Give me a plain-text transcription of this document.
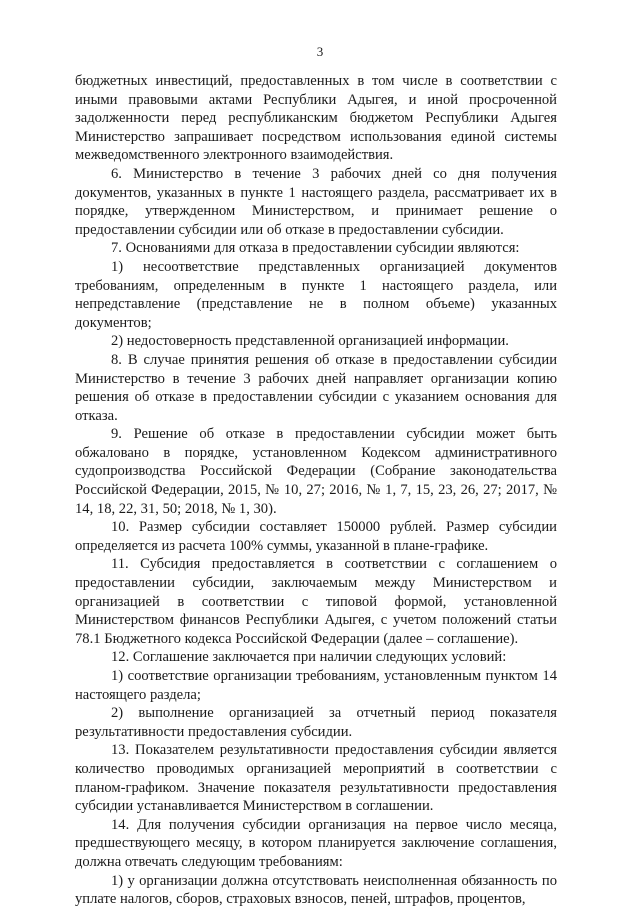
3

бюджетных инвестиций, предоставленных в том числе в соответствии с иными правовыми актами Республики Адыгея, и иной просроченной задолженности перед республиканским бюджетом Республики Адыгея Министерство запрашивает посредством использования единой системы межведомственного электронного взаимодействия.

6. Министерство в течение 3 рабочих дней со дня получения документов, указанных в пункте 1 настоящего раздела, рассматривает их в порядке, утвержденном Министерством, и принимает решение о предоставлении субсидии или об отказе в предоставлении субсидии.

7. Основаниями для отказа в предоставлении субсидии являются:

1) несоответствие представленных организацией документов требованиям, определенным в пункте 1 настоящего раздела, или непредставление (представление не в полном объеме) указанных документов;

2) недостоверность представленной организацией информации.

8. В случае принятия решения об отказе в предоставлении субсидии Министерство в течение 3 рабочих дней направляет организации копию решения об отказе в предоставлении субсидии с указанием основания для отказа.

9. Решение об отказе в предоставлении субсидии может быть обжаловано в порядке, установленном Кодексом административного судопроизводства Российской Федерации (Собрание законодательства Российской Федерации, 2015, № 10, 27; 2016, № 1, 7, 15, 23, 26, 27; 2017, № 14, 18, 22, 31, 50; 2018, № 1, 30).

10. Размер субсидии составляет 150000 рублей. Размер субсидии определяется из расчета 100% суммы, указанной в плане-графике.

11. Субсидия предоставляется в соответствии с соглашением о предоставлении субсидии, заключаемым между Министерством и организацией в соответствии с типовой формой, установленной Министерством финансов Республики Адыгея, с учетом положений статьи 78.1 Бюджетного кодекса Российской Федерации (далее – соглашение).

12. Соглашение заключается при наличии следующих условий:

1) соответствие организации требованиям, установленным пунктом 14 настоящего раздела;

2) выполнение организацией за отчетный период показателя результативности предоставления субсидии.

13. Показателем результативности предоставления субсидии является количество проводимых организацией мероприятий в соответствии с планом-графиком. Значение показателя результативности предоставления субсидии устанавливается Министерством в соглашении.

14. Для получения субсидии организация на первое число месяца, предшествующего месяцу, в котором планируется заключение соглашения, должна отвечать следующим требованиям:

1) у организации должна отсутствовать неисполненная обязанность по уплате налогов, сборов, страховых взносов, пеней, штрафов, процентов,
